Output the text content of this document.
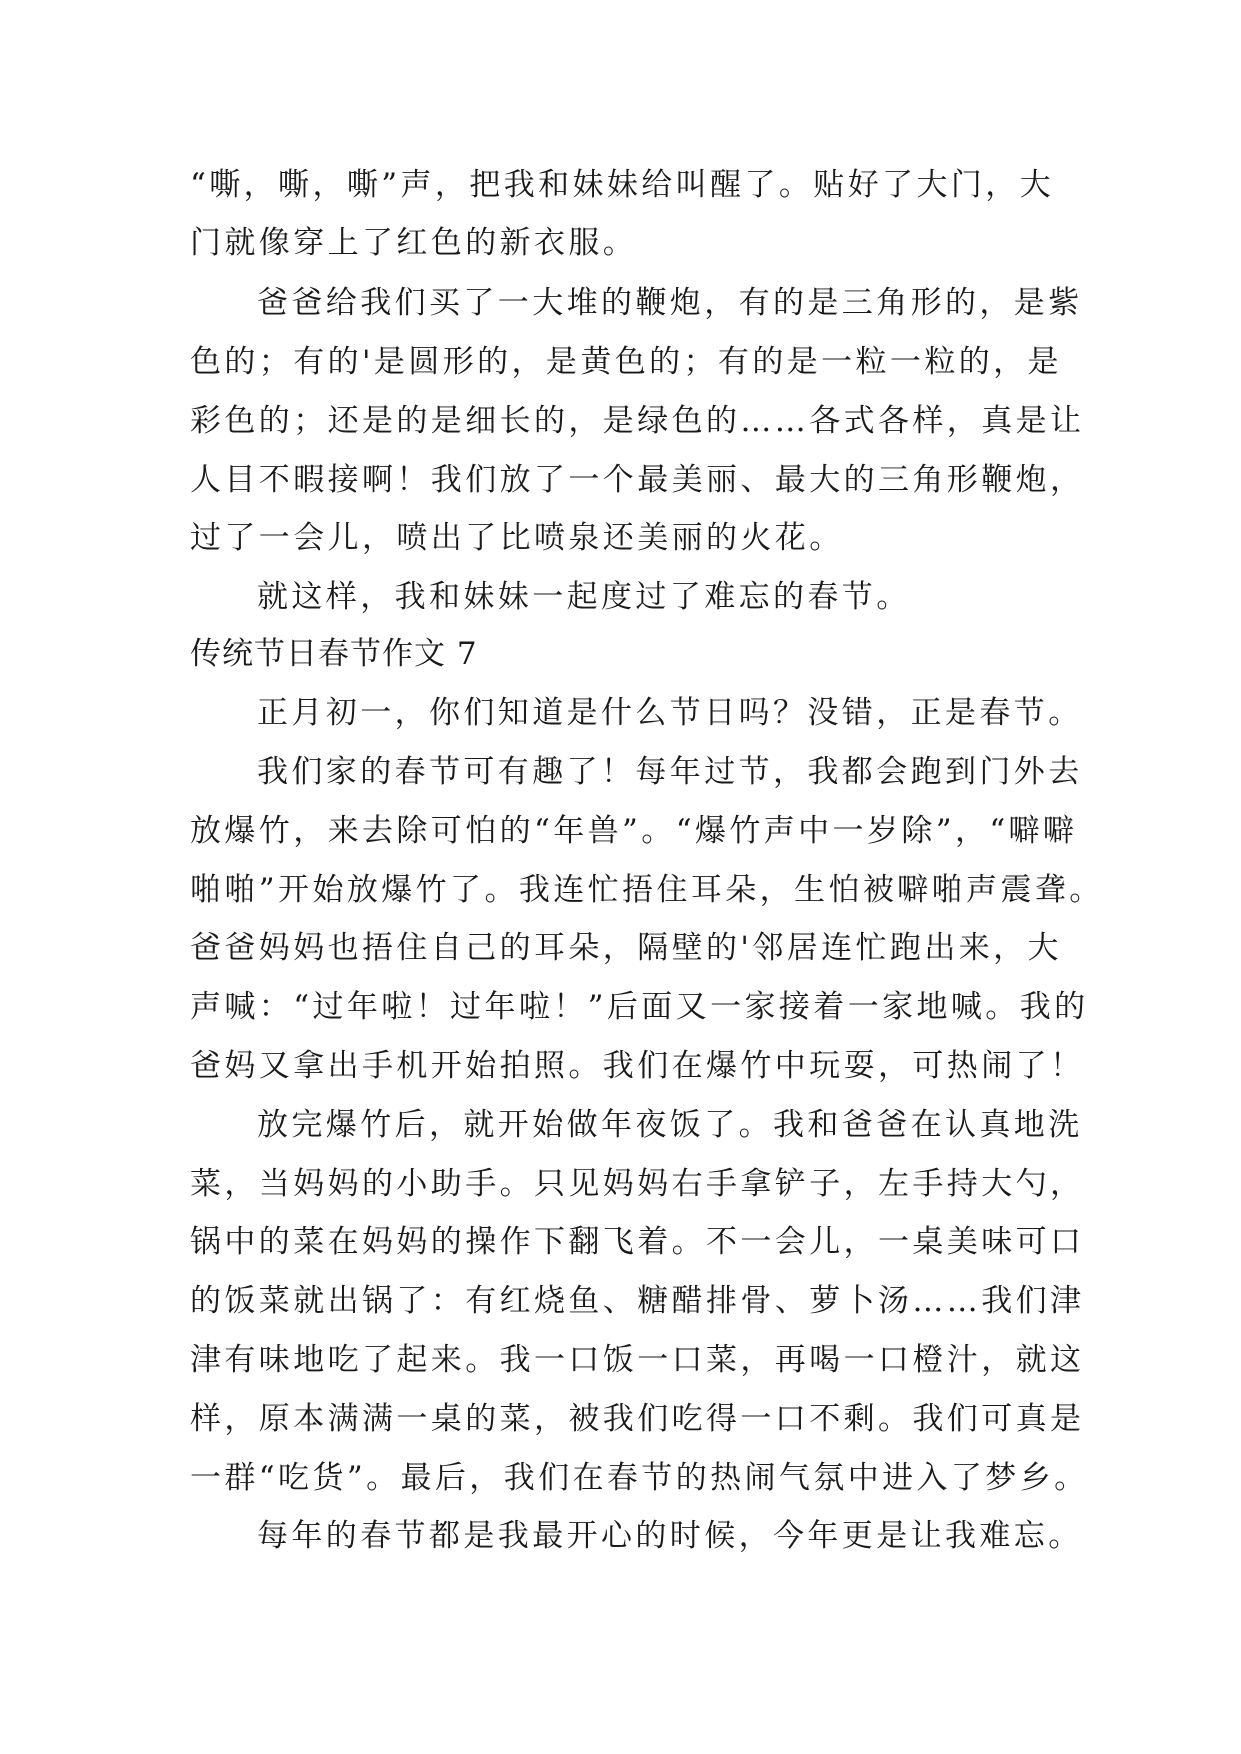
“嘶，嘶，嘶”声，把我和妹妹给叫醒了。贴好了大门，大
门就像穿上了红色的新衣服。
爸爸给我们买了一大堆的鞭炮，有的是三角形的，是紫
色的；有的'是圆形的，是黄色的；有的是一粒一粒的，是
彩色的；还是的是细长的，是绿色的……各式各样，真是让
人目不暇接啊！我们放了一个最美丽、最大的三角形鞭炮，
过了一会儿，喷出了比喷泉还美丽的火花。
就这样，我和妹妹一起度过了难忘的春节。
传统节日春节作文 7
正月初一，你们知道是什么节日吗？没错，正是春节。
我们家的春节可有趣了！每年过节，我都会跑到门外去
放爆竹，来去除可怕的“年兽”。“爆竹声中一岁除”，“噼噼
啪啪”开始放爆竹了。我连忙捂住耳朵，生怕被噼啪声震聋。
爸爸妈妈也捂住自己的耳朵，隔壁的'邻居连忙跑出来，大
声喊：“过年啦！过年啦！”后面又一家接着一家地喊。我的
爸妈又拿出手机开始拍照。我们在爆竹中玩耍，可热闹了！
放完爆竹后，就开始做年夜饭了。我和爸爸在认真地洗
菜，当妈妈的小助手。只见妈妈右手拿铲子，左手持大勺，
锅中的菜在妈妈的操作下翻飞着。不一会儿，一桌美味可口
的饭菜就出锅了：有红烧鱼、糖醋排骨、萝卜汤……我们津
津有味地吃了起来。我一口饭一口菜，再喝一口橙汁，就这
样，原本满满一桌的菜，被我们吃得一口不剩。我们可真是
一群“吃货”。最后，我们在春节的热闹气氛中进入了梦乡。
每年的春节都是我最开心的时候，今年更是让我难忘。
